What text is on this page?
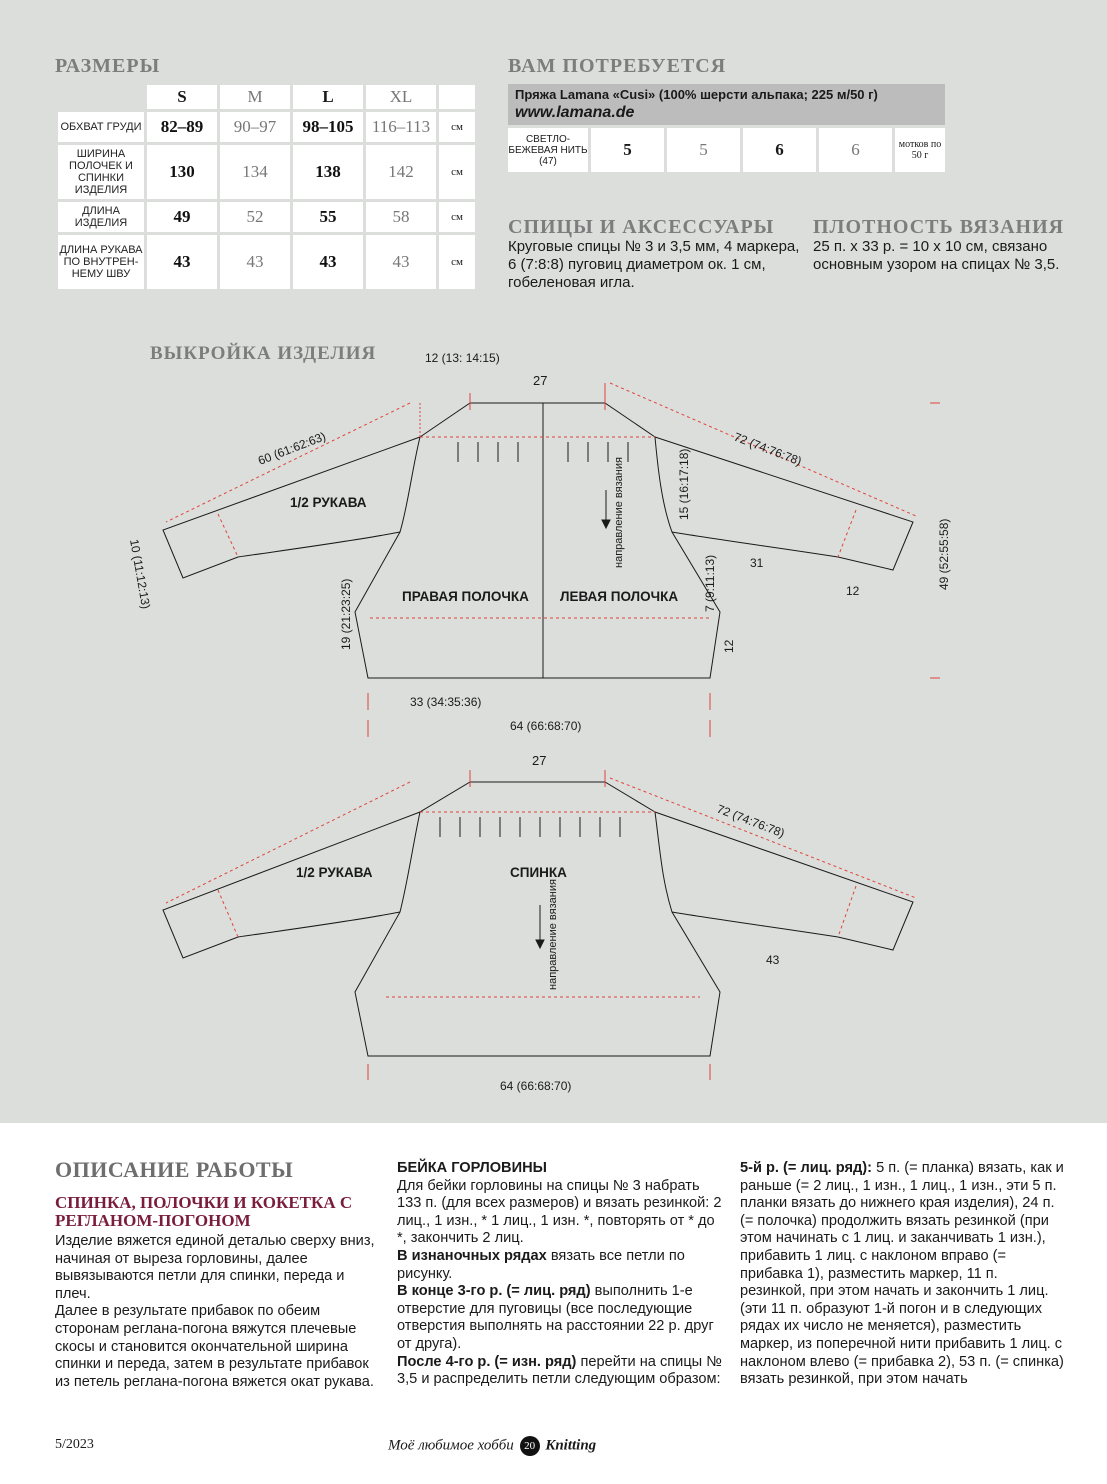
РАЗМЕРЫ
	S	M	L	XL	
ОБХВАТ ГРУДИ	82–89	90–97	98–105	116–113	см
ШИРИНА ПОЛОЧЕК И СПИНКИ ИЗДЕЛИЯ	130	134	138	142	см
ДЛИНА ИЗДЕЛИЯ	49	52	55	58	см
ДЛИНА РУКАВА ПО ВНУТРЕН-НЕМУ ШВУ	43	43	43	43	см
ВАМ ПОТРЕБУЕТСЯ
Пряжа Lamana «Cusi» (100% шерсти альпака; 225 м/50 г)
www.lamana.de
СВЕТЛО-БЕЖЕВАЯ НИТЬ (47)	5	5	6	6	мотков по 50 г
СПИЦЫ И АКСЕССУАРЫ
Круговые спицы № 3 и 3,5 мм, 4 маркера, 6 (7:8:8) пуговиц диаметром ок. 1 см, гобеленовая игла.
ПЛОТНОСТЬ ВЯЗАНИЯ
25 п. х 33 р. = 10 х 10 см, связано основным узором на спицах № 3,5.
ВЫКРОЙКА ИЗДЕЛИЯ
1/2 РУКАВА
ПРАВАЯ ПОЛОЧКА ЛЕВАЯ ПОЛОЧКА
27
12 (13: 14:15)
60 (61:62:63)	72 (74:76:78)
10 (11:12:13)
15 (16:17:18)
31
12
49 (52:55:58)
19 (21:23:25)	7 (9:11:13)
12
33 (34:35:36)
64 (66:68:70)
направление вязания
1/2 РУКАВА	СПИНКА
27
72 (74:76:78)
43
64 (66:68:70)
направление вязания
ОПИСАНИЕ РАБОТЫ
СПИНКА, ПОЛОЧКИ И КОКЕТКА С РЕГЛАНОМ-ПОГОНОМ

Изделие вяжется единой деталью сверху вниз, начиная от выреза горловины, далее вывязываются петли для спинки, переда и плеч.

Далее в результате прибавок по обеим сторонам реглана-погона вяжутся плечевые скосы и становится окончательной ширина спинки и переда, затем в результате прибавок из петель реглана-погона вяжется окат рукава.

БЕЙКА ГОРЛОВИНЫ

Для бейки горловины на спицы № 3 набрать 133 п. (для всех размеров) и вязать резинкой: 2 лиц., 1 изн., * 1 лиц., 1 изн. *, повторять от * до *, закончить 2 лиц.

В изнаночных рядах вязать все петли по рисунку.

В конце 3-го р. (= лиц. ряд) выполнить 1-е отверстие для пуговицы (все последующие отверстия выполнять на расстоянии 22 р. друг от друга).

После 4-го р. (= изн. ряд) перейти на спицы № 3,5 и распределить петли следующим образом:

5-й р. (= лиц. ряд): 5 п. (= планка) вязать, как и раньше (= 2 лиц., 1 изн., 1 лиц., 1 изн., эти 5 п. планки вязать до нижнего края изделия), 24 п. (= полочка) продолжить вязать резинкой (при этом начинать с 1 лиц. и заканчивать 1 изн.), прибавить 1 лиц. с наклоном вправо (= прибавка 1), разместить маркер, 11 п. резинкой, при этом начать и закончить 1 лиц. (эти 11 п. образуют 1-й погон и в следующих рядах их число не меняется), разместить маркер, из поперечной нити прибавить 1 лиц. с наклоном влево (= прибавка 2), 53 п. (= спинка) вязать резинкой, при этом начать

5/2023	Моё любимое хобби 20 Knitting
